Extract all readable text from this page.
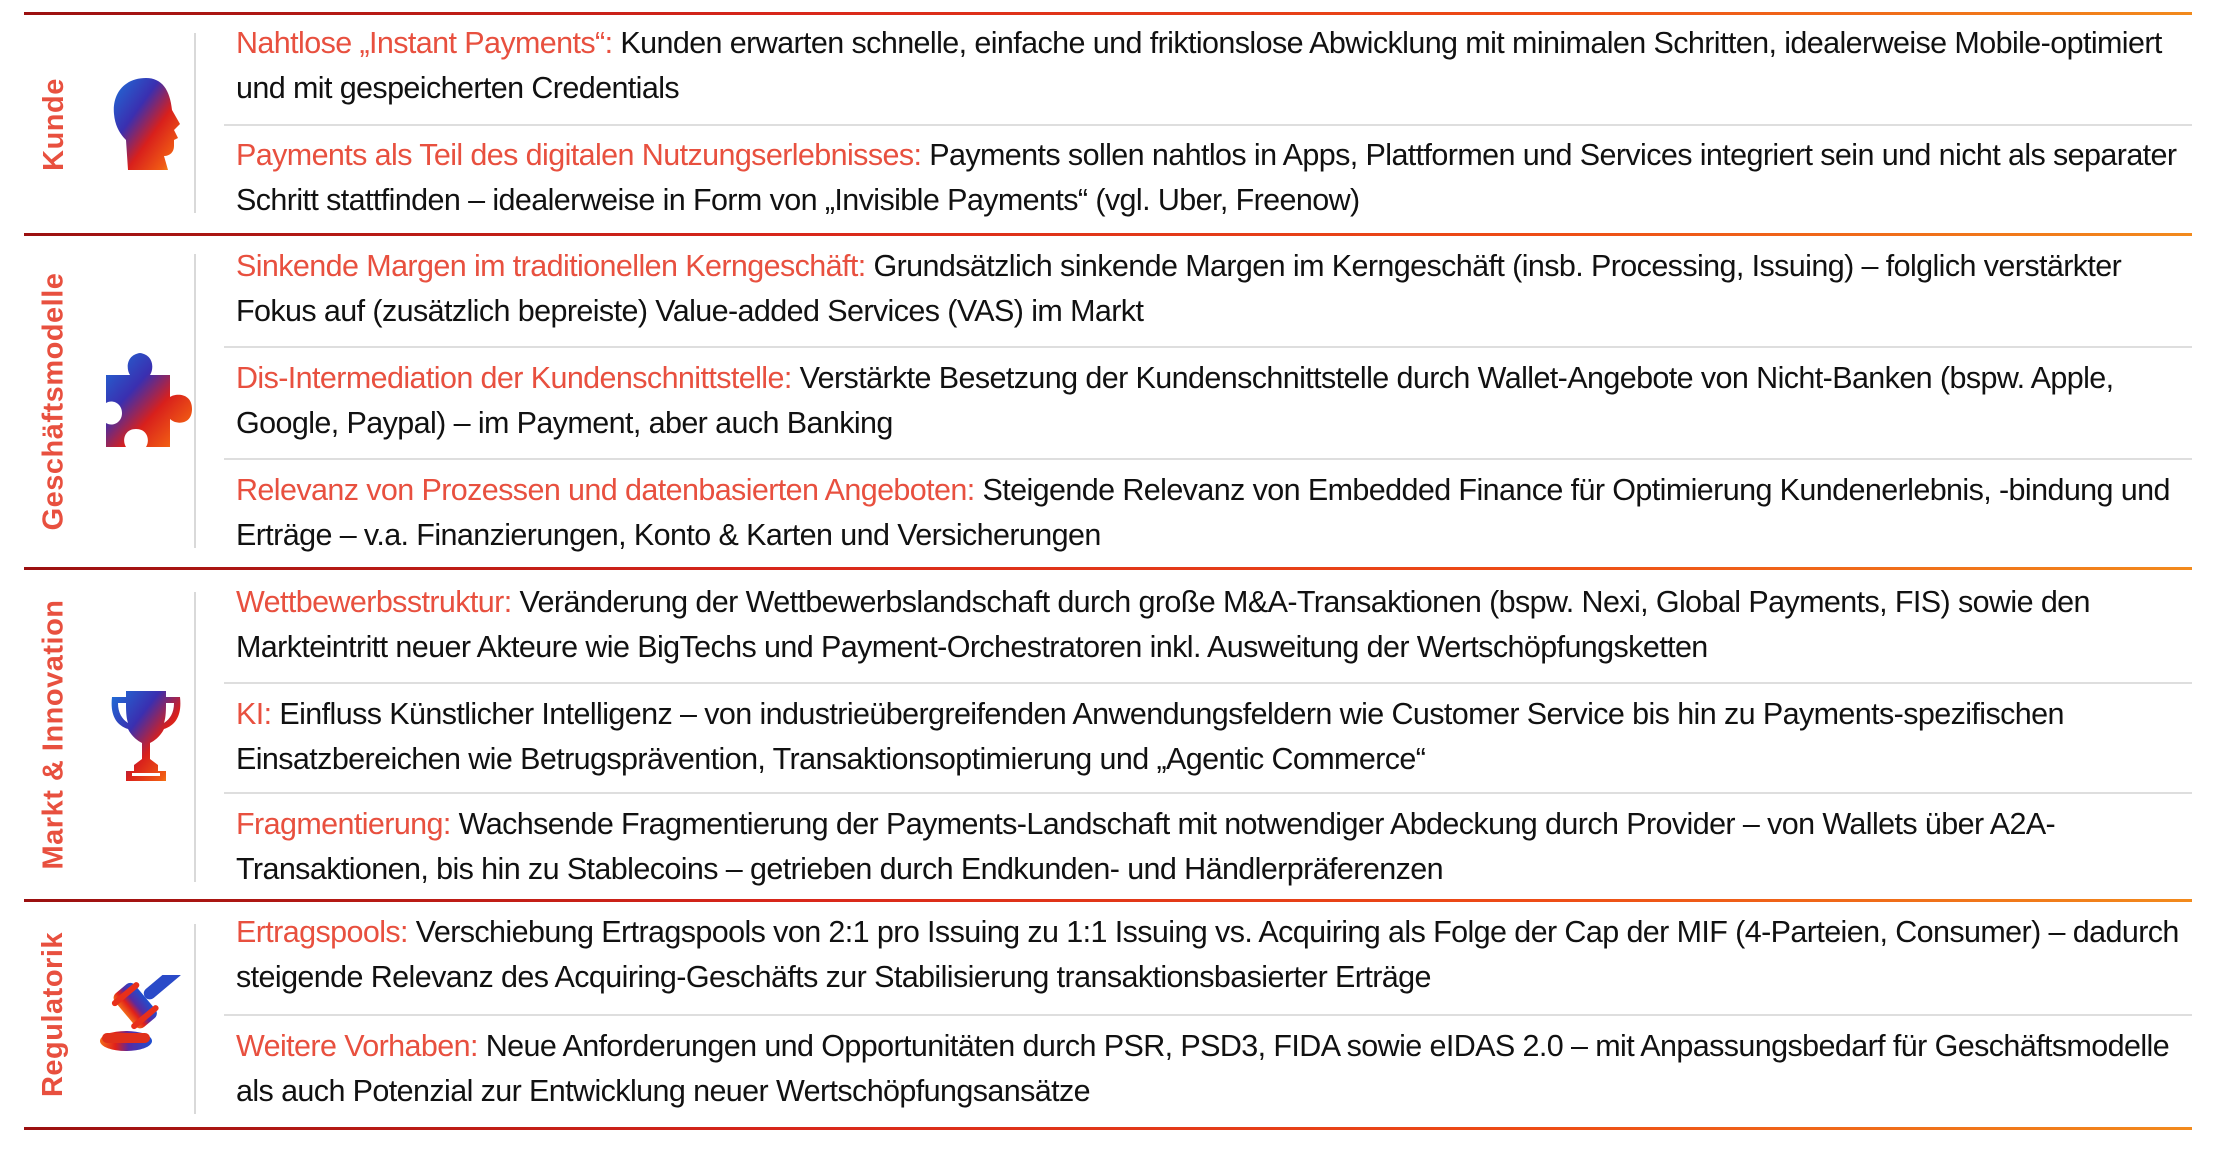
Kunde
Nahtlose „Instant Payments“: Kunden erwarten schnelle, einfache und friktionslose Abwicklung mit minimalen Schritten, idealerweise Mobile-optimiert und mit gespeicherten Credentials
Payments als Teil des digitalen Nutzungserlebnisses: Payments sollen nahtlos in Apps, Plattformen und Services integriert sein und nicht als separater Schritt stattfinden – idealerweise in Form von „Invisible Payments“ (vgl. Uber, Freenow)
Geschäftsmodelle
Sinkende Margen im traditionellen Kerngeschäft: Grundsätzlich sinkende Margen im Kerngeschäft (insb. Processing, Issuing) – folglich verstärkter Fokus auf (zusätzlich bepreiste) Value-added Services (VAS) im Markt
Dis-Intermediation der Kundenschnittstelle: Verstärkte Besetzung der Kundenschnittstelle durch Wallet-Angebote von Nicht-Banken (bspw. Apple, Google, Paypal) – im Payment, aber auch Banking
Relevanz von Prozessen und datenbasierten Angeboten: Steigende Relevanz von Embedded Finance für Optimierung Kundenerlebnis, -bindung und Erträge – v.a. Finanzierungen, Konto & Karten und Versicherungen
Markt & Innovation	Wettbewerbsstruktur: Veränderung der Wettbewerbslandschaft durch große M&A-Transaktionen (bspw. Nexi, Global Payments, FIS) sowie den Markteintritt neuer Akteure wie BigTechs und Payment-Orchestratoren inkl. Ausweitung der Wertschöpfungsketten
KI: Einfluss Künstlicher Intelligenz – von industrieübergreifenden Anwendungsfeldern wie Customer Service bis hin zu Payments-spezifischen Einsatzbereichen wie Betrugsprävention, Transaktionsoptimierung und „Agentic Commerce“
Fragmentierung: Wachsende Fragmentierung der Payments-Landschaft mit notwendiger Abdeckung durch Provider – von Wallets über A2A-Transaktionen, bis hin zu Stablecoins – getrieben durch Endkunden- und Händlerpräferenzen
Regulatorik	Ertragspools: Verschiebung Ertragspools von 2:1 pro Issuing zu 1:1 Issuing vs. Acquiring als Folge der Cap der MIF (4-Parteien, Consumer) – dadurch steigende Relevanz des Acquiring-Geschäfts zur Stabilisierung transaktionsbasierter Erträge
Weitere Vorhaben: Neue Anforderungen und Opportunitäten durch PSR, PSD3, FIDA sowie eIDAS 2.0 – mit Anpassungsbedarf für Geschäftsmodelle als auch Potenzial zur Entwicklung neuer Wertschöpfungsansätze
